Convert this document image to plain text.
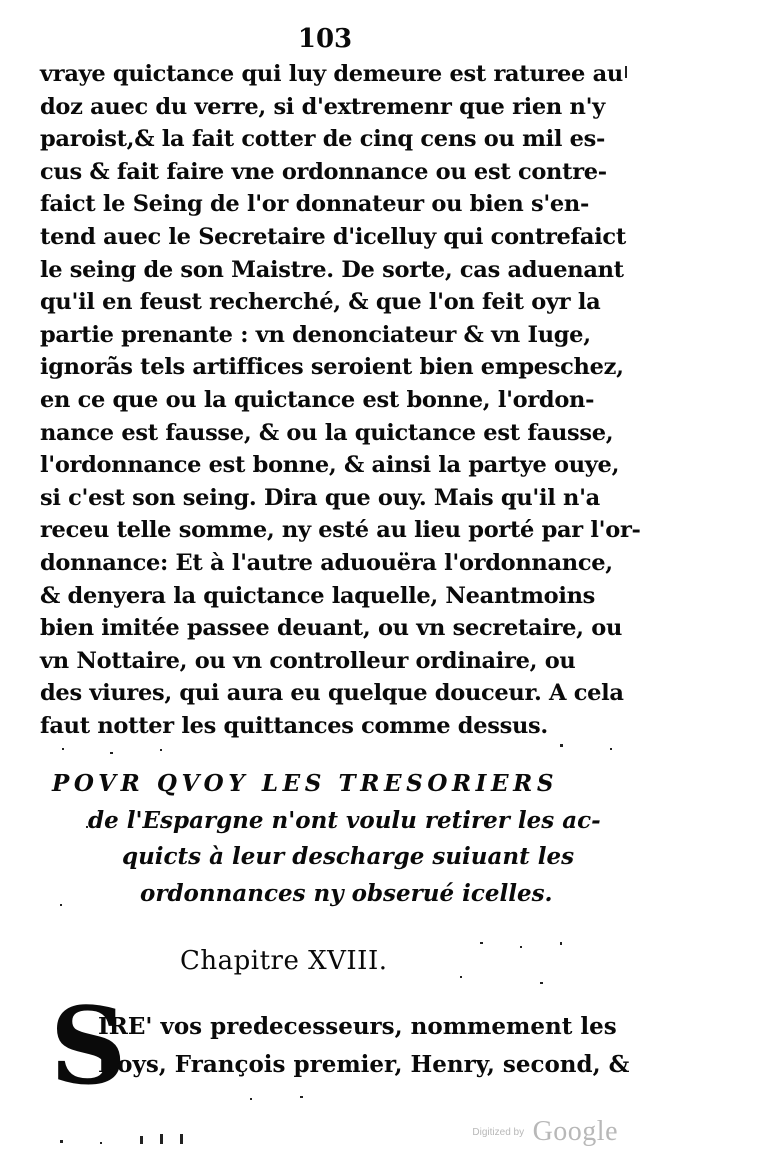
103
vraye quictance qui luy demeure est raturee au
doz auec du verre, si d'extremenr que rien n'y
paroist,& la fait cotter de cinq cens ou mil es-
cus & fait faire vne ordonnance ou est contre-
faict le Seing de l'or donnateur ou bien s'en-
tend auec le Secretaire d'icelluy qui contrefaict
le seing de son Maistre. De sorte, cas aduenant
qu'il en feust recherché, & que l'on feit oyr la
partie prenante : vn denonciateur & vn Iuge,
ignorãs tels artiffices seroient bien empeschez,
en ce que ou la quictance est bonne, l'ordon-
nance est fausse, & ou la quictance est fausse,
l'ordonnance est bonne, & ainsi la partye ouye,
si c'est son seing. Dira que ouy. Mais qu'il n'a
receu telle somme, ny esté au lieu porté par l'or-
donnance: Et à l'autre aduouëra l'ordonnance,
& denyera la quictance laquelle, Neantmoins
bien imitée passee deuant, ou vn secretaire, ou
vn Nottaire, ou vn controlleur ordinaire, ou
des viures, qui aura eu quelque douceur. A cela
faut notter les quittances comme dessus.
POVR QVOY LES TRESORIERS
de l'Espargne n'ont voulu retirer les ac-
quicts à leur descharge suiuant les
ordonnances ny obserué icelles.
Chapitre XVIII.
S
IRE' vos predecesseurs, nommement les
Roys, François premier, Henry, second, &
Digitized by Google
